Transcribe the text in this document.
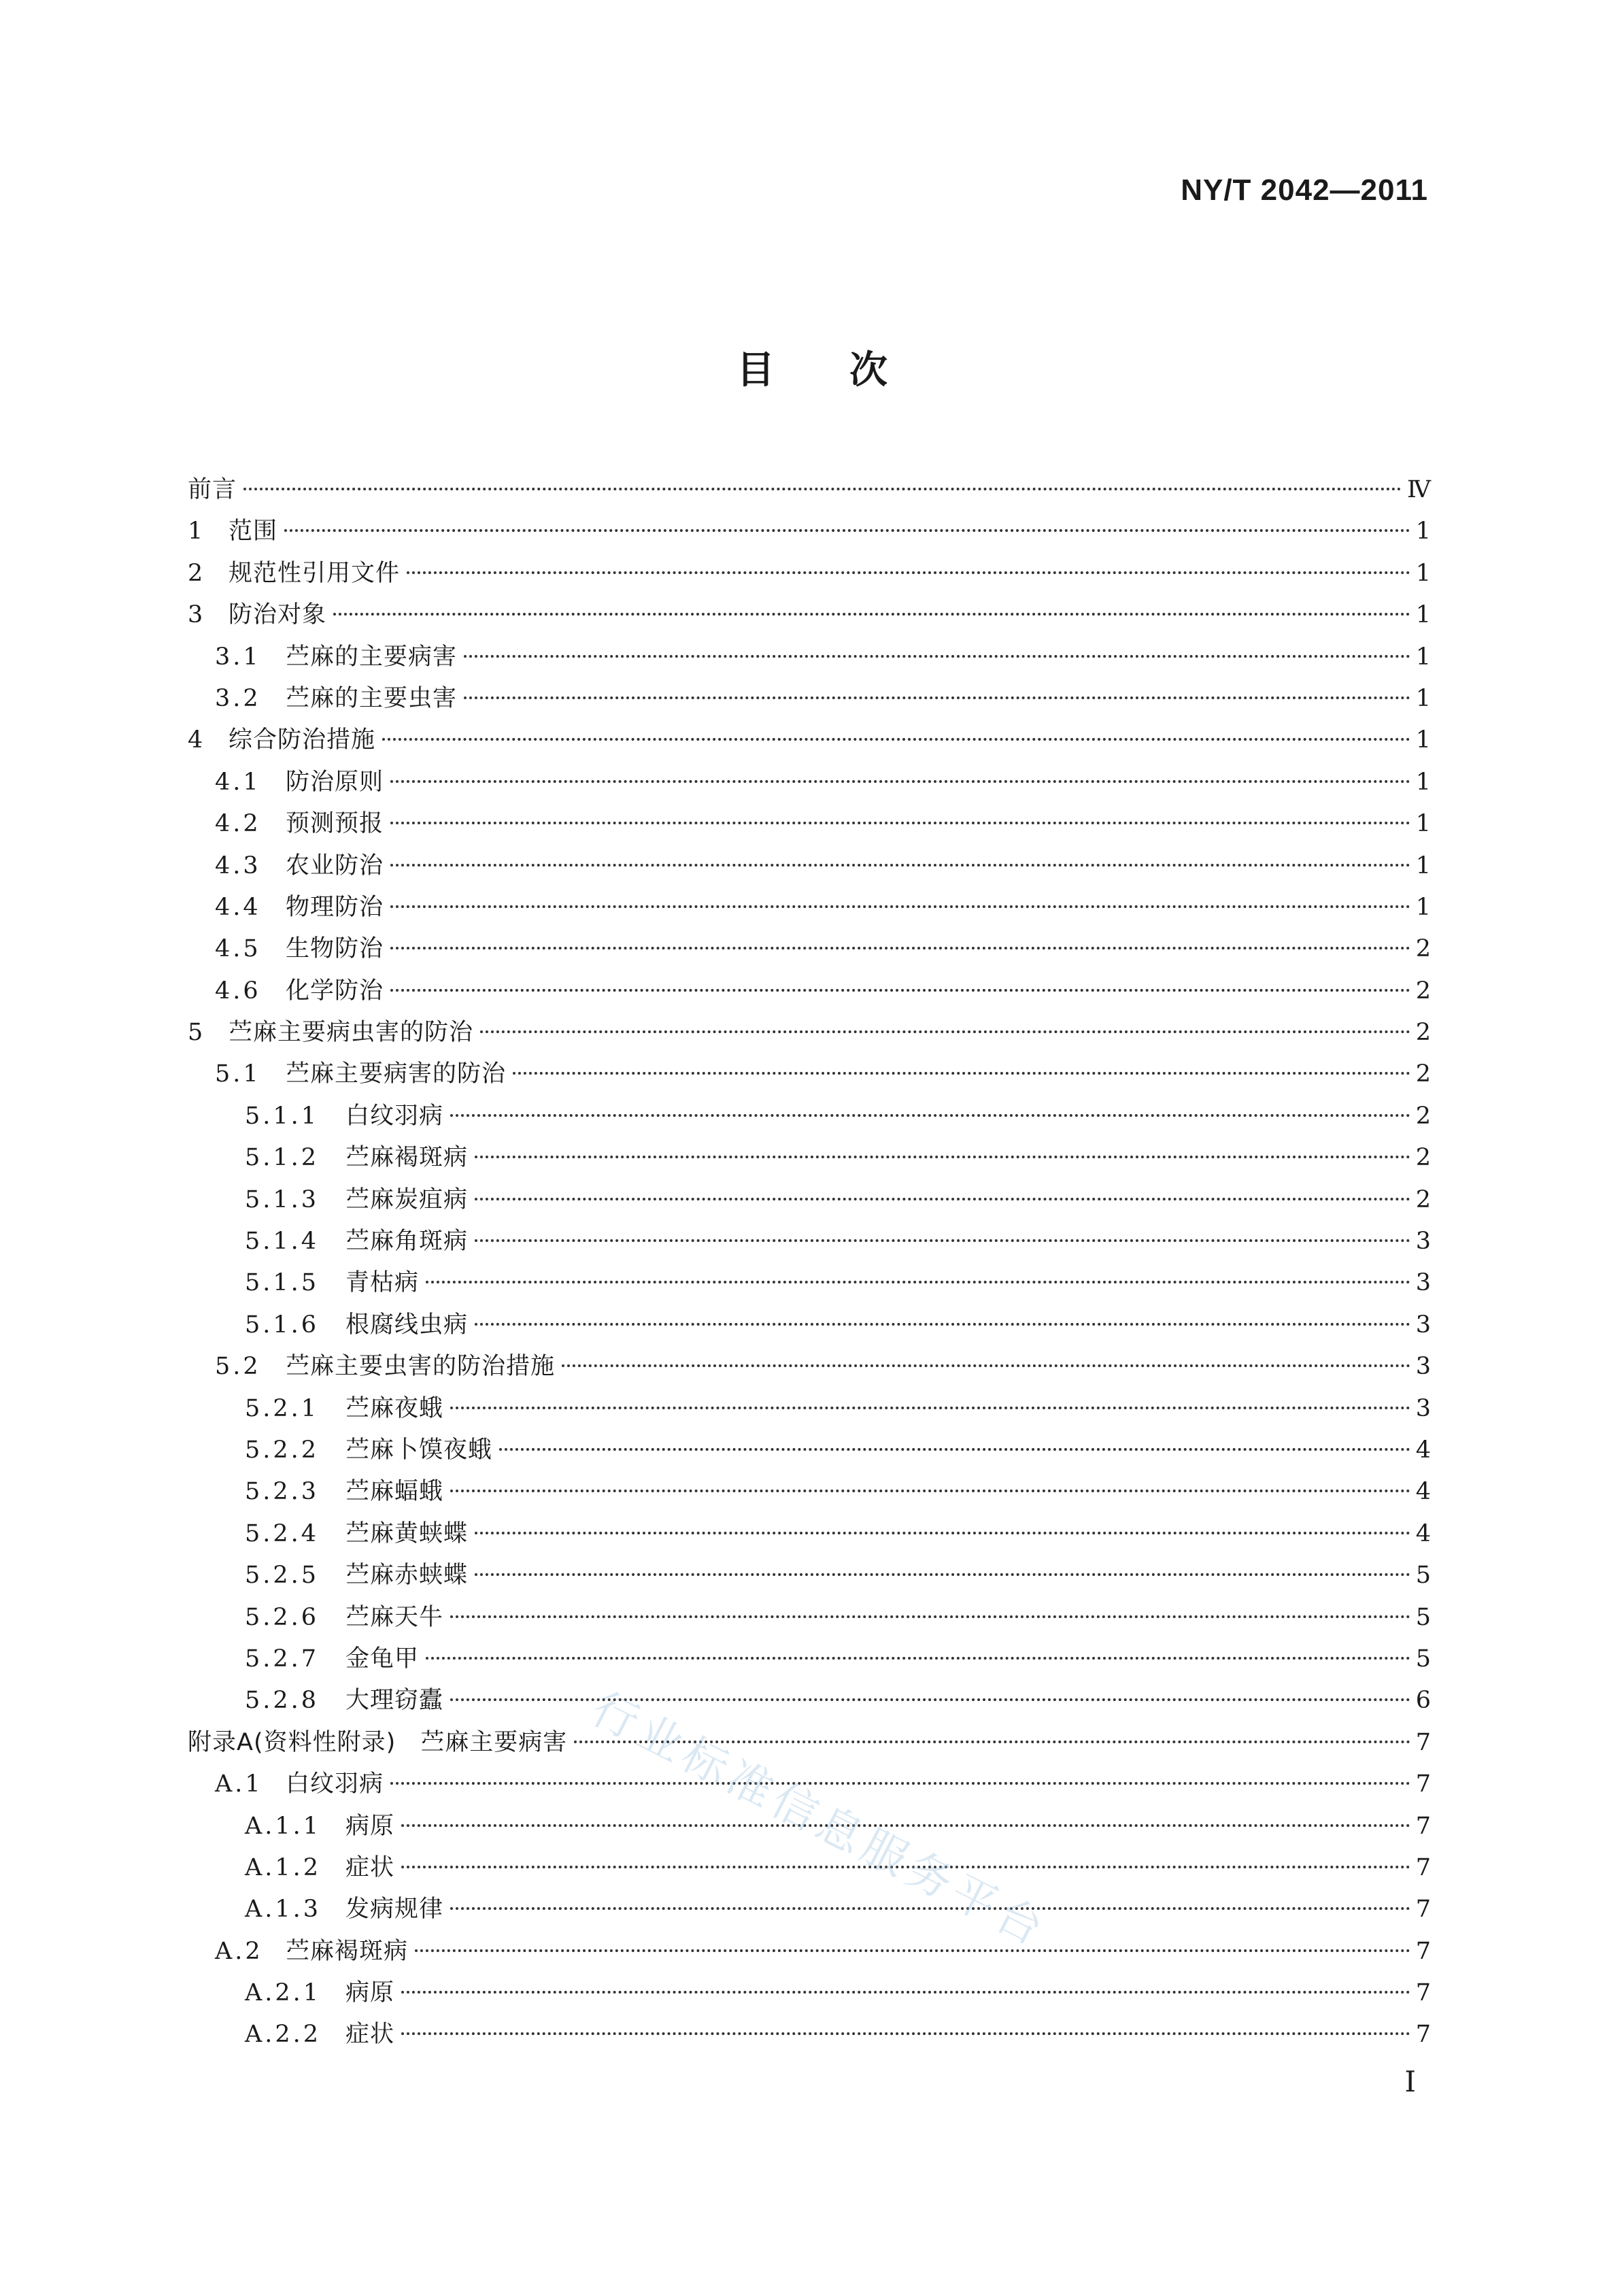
NY/T 2042—2011
目次
前言	Ⅳ
1 范围	1
2 规范性引用文件	1
3 防治对象	1
3.1	苎麻的主要病害	1
3.2	苎麻的主要虫害	1
4 综合防治措施	1
4.1	防治原则	1
4.2	预测预报	1
4.3	农业防治	1
4.4	物理防治	1
4.5	生物防治	2
4.6	化学防治	2
5 苎麻主要病虫害的防治	2
5.1	苎麻主要病害的防治	2
5.1.1	白纹羽病	2
5.1.2	苎麻褐斑病	2
5.1.3	苎麻炭疽病	2
5.1.4	苎麻角斑病	3
5.1.5	青枯病	3
5.1.6	根腐线虫病	3
5.2	苎麻主要虫害的防治措施	3
5.2.1	苎麻夜蛾	3
5.2.2	苎麻卜馍夜蛾	4
5.2.3	苎麻蝠蛾	4
5.2.4	苎麻黄蛱蝶	4
5.2.5	苎麻赤蛱蝶	5
5.2.6	苎麻天牛	5
5.2.7	金龟甲	5
5.2.8	大理窃蠹	6
附录A(资料性附录)　苎麻主要病害	7
A.1 白纹羽病	7
A.1.1	病原	7
A.1.2	症状	7
A.1.3	发病规律	7
A.2 苎麻褐斑病	7
A.2.1	病原	7
A.2.2	症状	7
行业标准信息服务平台
I
